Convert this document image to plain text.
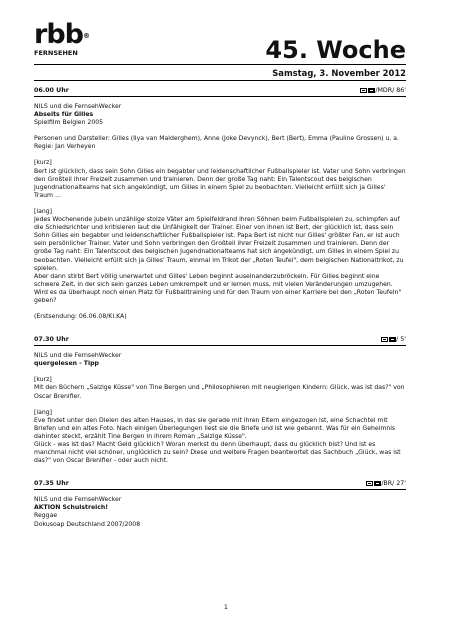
rbb®
FERNSEHEN	45. Woche
Samstag, 3. November 2012
06.00 Uhr	/MDR/ 86'

NILS und die FernsehWecker

Abseits für Gilles

Spielfilm Belgien 2005

Personen und Darsteller: Gilles (Ilya van Malderghem), Anne (Joke Devynck), Bert (Bert), Emma (Pauline Grossen) u. a.

Regie: Jan Verheyen

[kurz]

Bert ist glücklich, dass sein Sohn Gilles ein begabter und leidenschaftlicher Fußballspieler ist. Vater und Sohn verbringen den Großteil ihrer Freizeit zusammen und trainieren. Denn der große Tag naht: Ein Talentscout des belgischen Jugendnationalteams hat sich angekündigt, um Gilles in einem Spiel zu beobachten. Vielleicht erfüllt sich ja Gilles' Traum ...

[lang]

Jedes Wochenende jubeln unzählige stolze Väter am Spielfeldrand ihren Söhnen beim Fußballspielen zu, schimpfen auf die Schiedsrichter und kritisieren laut die Unfähigkeit der Trainer. Einer von ihnen ist Bert, der glücklich ist, dass sein Sohn Gilles ein begabter und leidenschaftlicher Fußballspieler ist. Papa Bert ist nicht nur Gilles' größter Fan, er ist auch sein persönlicher Trainer. Vater und Sohn verbringen den Großteil ihrer Freizeit zusammen und trainieren. Denn der große Tag naht: Ein Talentscout des belgischen Jugendnationalteams hat sich angekündigt, um Gilles in einem Spiel zu beobachten. Vielleicht erfüllt sich ja Gilles' Traum, einmal im Trikot der „Roten Teufel", dem belgischen Nationaltrikot, zu spielen.

Aber dann stirbt Bert völlig unerwartet und Gilles' Leben beginnt auseinanderzubröckeln. Für Gilles beginnt eine schwere Zeit, in der sich sein ganzes Leben umkrempelt und er lernen muss, mit vielen Veränderungen umzugehen. Wird es da überhaupt noch einen Platz für Fußballtraining und für den Traum von einer Karriere bei den „Roten Teufeln" geben?

(Erstsendung: 06.06.08/KI.KA)

07.30 Uhr	/ 5'

NILS und die FernsehWecker

quergelesen - Tipp

[kurz]

Mit den Büchern „Salzige Küsse" von Tine Bergen und „Philosophieren mit neugierigen Kindern: Glück, was ist das?" von Oscar Brenifier.

[lang]

Eve findet unter den Dielen des alten Hauses, in das sie gerade mit ihren Eltern eingezogen ist, eine Schachtel mit Briefen und ein altes Foto. Nach einigen Überlegungen liest sie die Briefe und ist wie gebannt. Was für ein Geheimnis dahinter steckt, erzählt Tine Bergen in ihrem Roman „Salzige Küsse".

Glück - was ist das? Macht Geld glücklich? Woran merkst du denn überhaupt, dass du glücklich bist? Und ist es manchmal nicht viel schöner, unglücklich zu sein? Diese und weitere Fragen beantwortet das Sachbuch „Glück, was ist das?" von Oscar Brenifier - oder auch nicht.

07.35 Uhr	/BR/ 27'

NILS und die FernsehWecker

AKTION Schulstreich!

Reggae

Dokusoap Deutschland 2007/2008

1
